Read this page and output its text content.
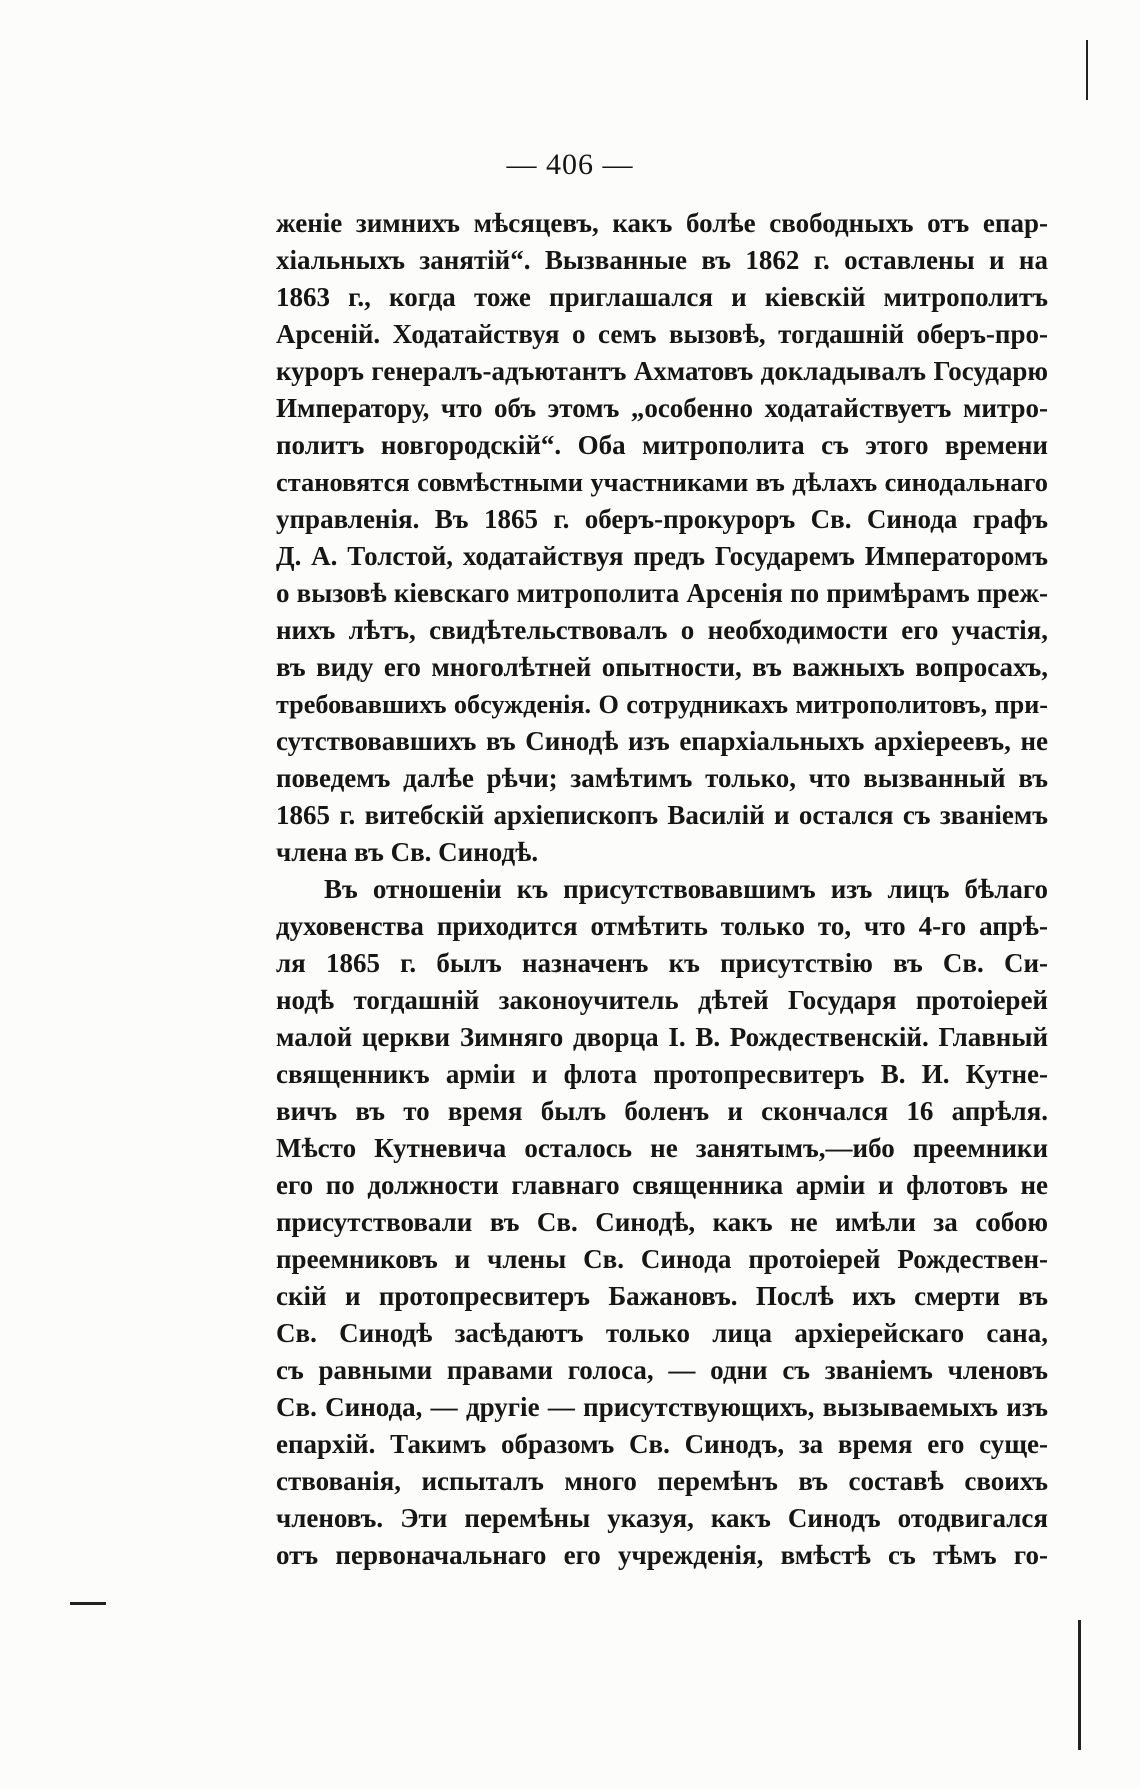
— 406 —
женіе зимнихъ мѣсяцевъ, какъ болѣе свободныхъ отъ епар-
хіальныхъ занятій“. Вызванные въ 1862 г. оставлены и на
1863 г., когда тоже приглашался и кіевскій митрополитъ
Арсеній. Ходатайствуя о семъ вызовѣ, тогдашній оберъ-про-
куроръ генералъ-адъютантъ Ахматовъ докладывалъ Государю
Императору, что объ этомъ „особенно ходатайствуетъ митро-
политъ новгородскій“. Оба митрополита съ этого времени
становятся совмѣстными участниками въ дѣлахъ синодальнаго
управленія. Въ 1865 г. оберъ-прокуроръ Св. Синода графъ
Д. А. Толстой, ходатайствуя предъ Государемъ Императоромъ
о вызовѣ кіевскаго митрополита Арсенія по примѣрамъ преж-
нихъ лѣтъ, свидѣтельствовалъ о необходимости его участія,
въ виду его многолѣтней опытности, въ важныхъ вопросахъ,
требовавшихъ обсужденія. О сотрудникахъ митрополитовъ, при-
сутствовавшихъ въ Синодѣ изъ епархіальныхъ архіереевъ, не
поведемъ далѣе рѣчи; замѣтимъ только, что вызванный въ
1865 г. витебскій архіепископъ Василій и остался съ званіемъ
члена въ Св. Синодѣ.
Въ отношеніи къ присутствовавшимъ изъ лицъ бѣлаго
духовенства приходится отмѣтить только то, что 4-го апрѣ-
ля 1865 г. былъ назначенъ къ присутствію въ Св. Си-
нодѣ тогдашній законоучитель дѣтей Государя протоіерей
малой церкви Зимняго дворца І. В. Рождественскій. Главный
священникъ арміи и флота протопресвитеръ В. И. Кутне-
вичъ въ то время былъ боленъ и скончался 16 апрѣля.
Мѣсто Кутневича осталось не занятымъ,—ибо преемники
его по должности главнаго священника арміи и флотовъ не
присутствовали въ Св. Синодѣ, какъ не имѣли за собою
преемниковъ и члены Св. Синода протоіерей Рождествен-
скій и протопресвитеръ Бажановъ. Послѣ ихъ смерти въ
Св. Синодѣ засѣдаютъ только лица архіерейскаго сана,
съ равными правами голоса, — одни съ званіемъ членовъ
Св. Синода, — другіе — присутствующихъ, вызываемыхъ изъ
епархій. Такимъ образомъ Св. Синодъ, за время его суще-
ствованія, испыталъ много перемѣнъ въ составѣ своихъ
членовъ. Эти перемѣны указуя, какъ Синодъ отодвигался
отъ первоначальнаго его учрежденія, вмѣстѣ съ тѣмъ го-
